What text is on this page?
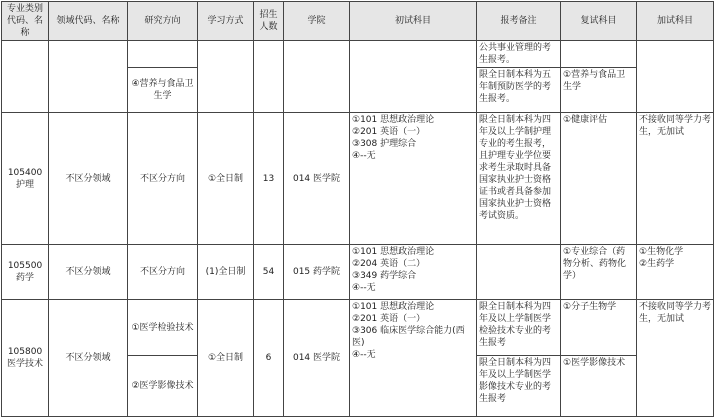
专业类别代码、名称	领域代码、名称	研究方向	学习方式	招生人数	学院	初试科目	报考备注	复试科目	加试科目
							公共事业管理的考生报考。		
		④营养与食品卫生学					限全日制本科为五年制预防医学的考生报考。	①营养与食品卫生学	

105400
护理	不区分领域	不区分方向	①全日制	13	014 医学院	①101 思想政治理论
②201 英语（一）
③308 护理综合
④--无	限全日制本科为四年及以上学制护理专业的考生报考，且护理专业学位要求考生录取时具备国家执业护士资格证书或者具备参加国家执业护士资格考试资质。	①健康评估	不接收同等学力考生，无加试

105500
药学	不区分领域	不区分方向	(1)全日制	54	015 药学院	①101 思想政治理论
②204 英语（二）
③349 药学综合
④--无		①专业综合（药物分析、药物化学）	①生物化学
②生药学

105800
医学技术	不区分领域	①医学检验技术	①全日制	6	014 医学院	①101 思想政治理论
②201 英语（一）
③306 临床医学综合能力(西医)
④--无	限全日制本科为四年及以上学制医学检验技术专业的考生报考	①分子生物学	不接收同等学力考生，无加试
		②医学影像技术					限全日制本科为四年及以上学制医学影像技术专业的考生报考	①医学影像技术	
